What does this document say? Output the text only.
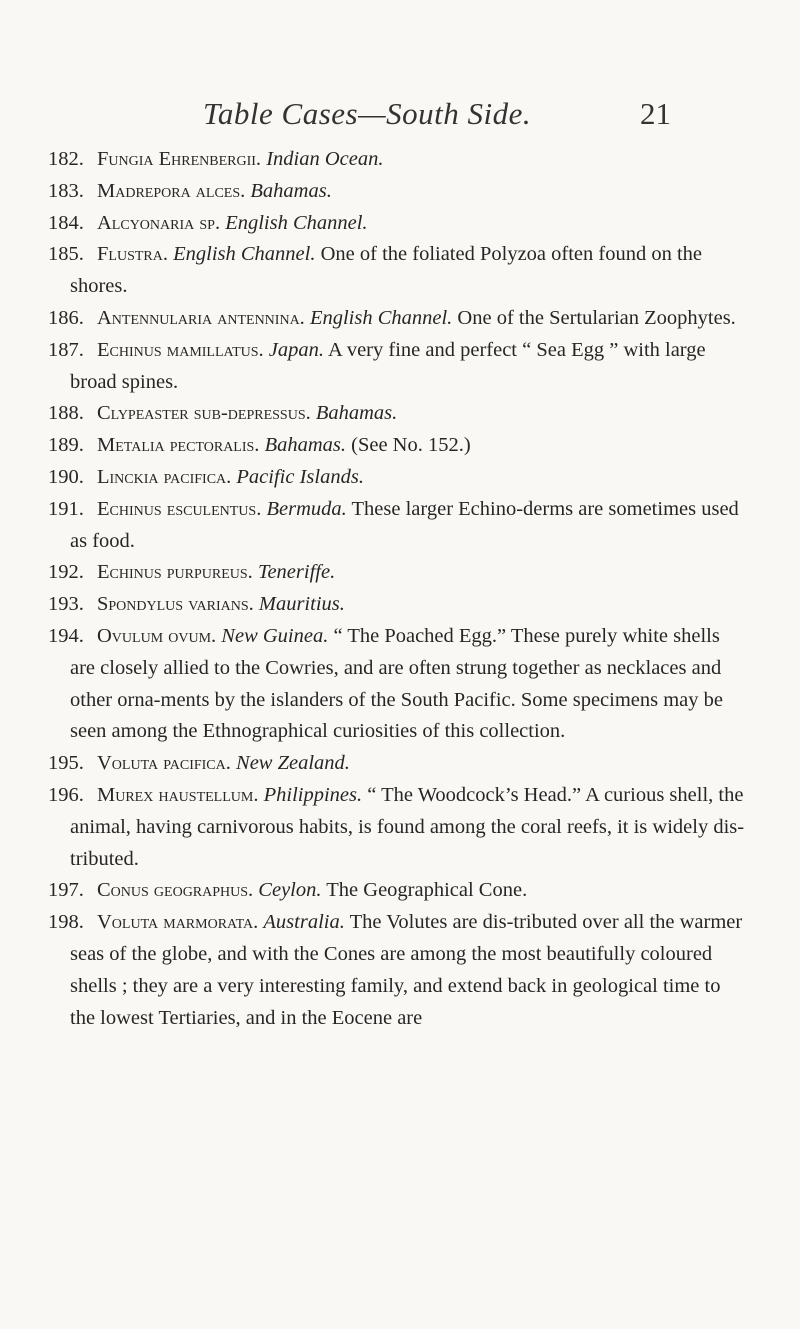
Table Cases—South Side.	21

182. Fungia Ehrenbergii. Indian Ocean.

183. Madrepora alces. Bahamas.

184. Alcyonaria sp. English Channel.

185. Flustra. English Channel. One of the foliated Polyzoa often found on the shores.

186. Antennularia antennina. English Channel. One of the Sertularian Zoophytes.

187. Echinus mamillatus. Japan. A very fine and perfect “ Sea Egg ” with large broad spines.

188. Clypeaster sub-depressus. Bahamas.

189. Metalia pectoralis. Bahamas. (See No. 152.)

190. Linckia pacifica. Pacific Islands.

191. Echinus esculentus. Bermuda. These larger Echino-derms are sometimes used as food.

192. Echinus purpureus. Teneriffe.

193. Spondylus varians. Mauritius.

194. Ovulum ovum. New Guinea. “ The Poached Egg.” These purely white shells are closely allied to the Cowries, and are often strung together as necklaces and other orna-ments by the islanders of the South Pacific. Some specimens may be seen among the Ethnographical curiosities of this collection.

195. Voluta pacifica. New Zealand.

196. Murex haustellum. Philippines. “ The Woodcock’s Head.” A curious shell, the animal, having carnivorous habits, is found among the coral reefs, it is widely dis-tributed.

197. Conus geographus. Ceylon. The Geographical Cone.

198. Voluta marmorata. Australia. The Volutes are dis-tributed over all the warmer seas of the globe, and with the Cones are among the most beautifully coloured shells ; they are a very interesting family, and extend back in geological time to the lowest Tertiaries, and in the Eocene are
